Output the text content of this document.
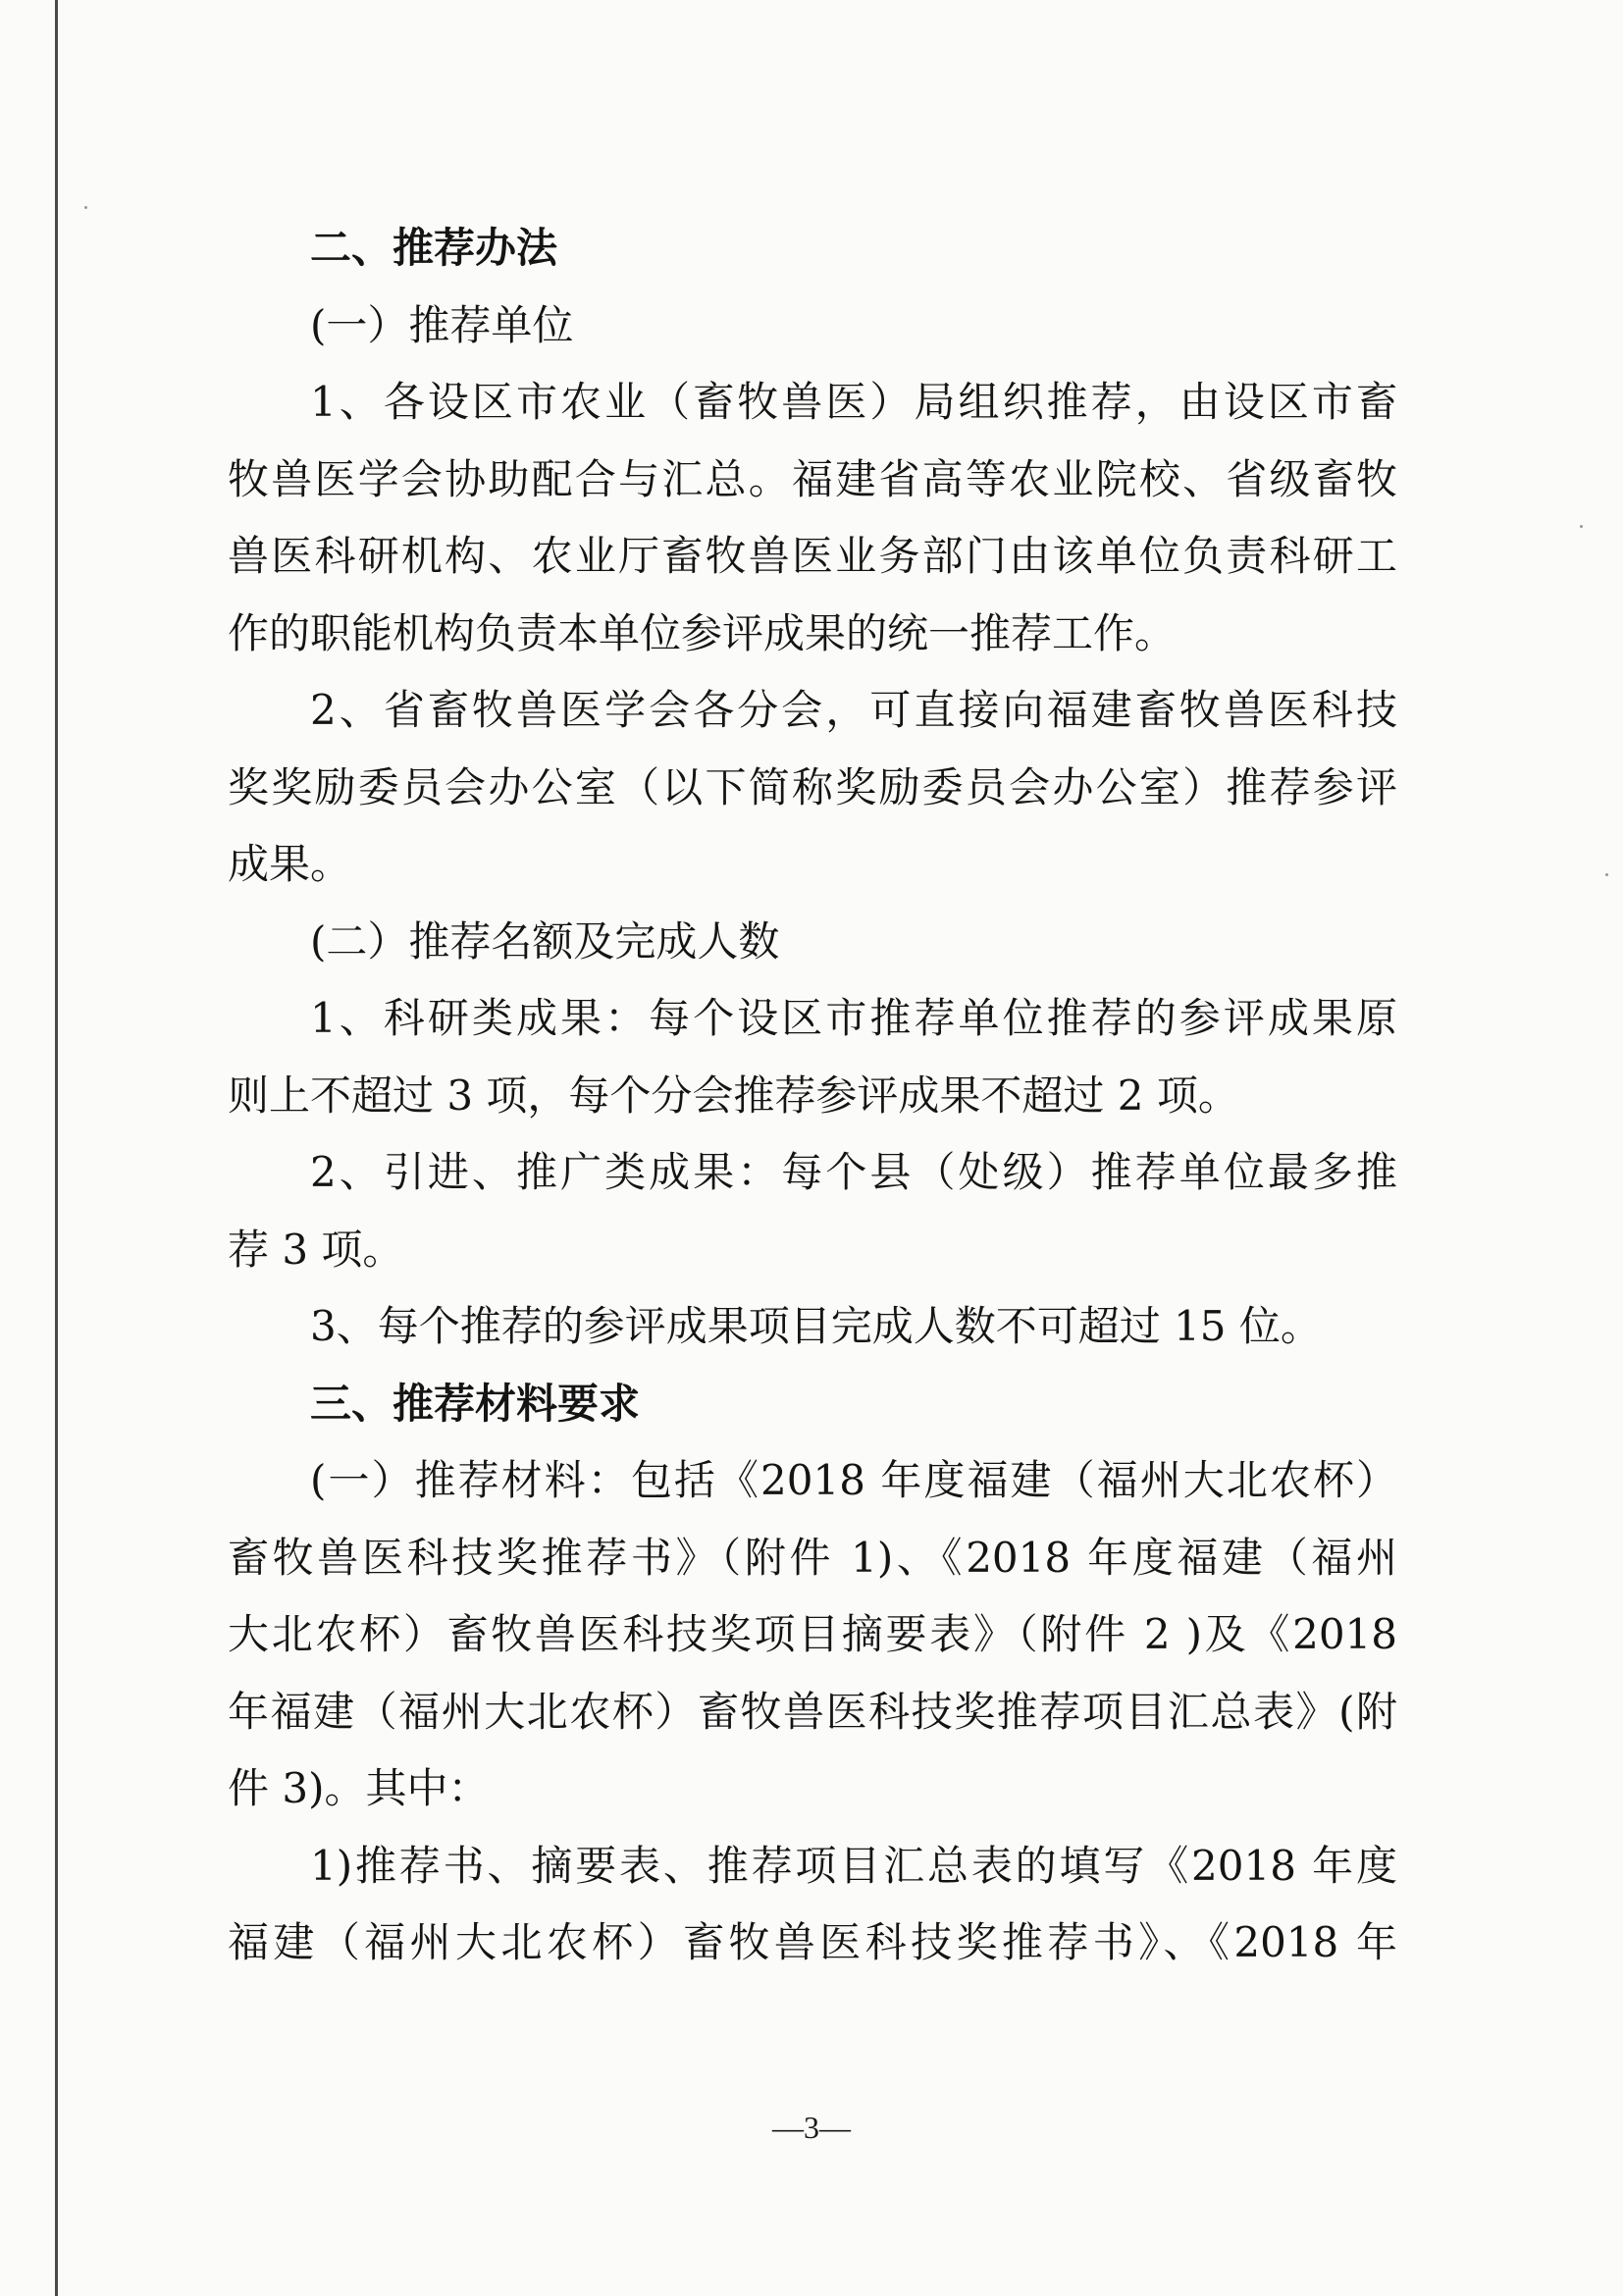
二、推荐办法
(一）推荐单位
1、各设区市农业（畜牧兽医）局组织推荐，由设区市畜
牧兽医学会协助配合与汇总。福建省高等农业院校、省级畜牧
兽医科研机构、农业厅畜牧兽医业务部门由该单位负责科研工
作的职能机构负责本单位参评成果的统一推荐工作。
2、省畜牧兽医学会各分会，可直接向福建畜牧兽医科技
奖奖励委员会办公室（以下简称奖励委员会办公室）推荐参评
成果。
(二）推荐名额及完成人数
1、科研类成果：每个设区市推荐单位推荐的参评成果原
则上不超过 3 项，每个分会推荐参评成果不超过 2 项。
2、引进、推广类成果：每个县（处级）推荐单位最多推
荐 3 项。
3、每个推荐的参评成果项目完成人数不可超过 15 位。
三、推荐材料要求
(一）推荐材料：包括《2018 年度福建（福州大北农杯）
畜牧兽医科技奖推荐书》（附件 1)、《2018 年度福建（福州
大北农杯）畜牧兽医科技奖项目摘要表》（附件 2 )及《2018
年福建（福州大北农杯）畜牧兽医科技奖推荐项目汇总表》(附
件 3)。其中：
1)推荐书、摘要表、推荐项目汇总表的填写《2018 年度
福建（福州大北农杯）畜牧兽医科技奖推荐书》、《2018 年
—3—
